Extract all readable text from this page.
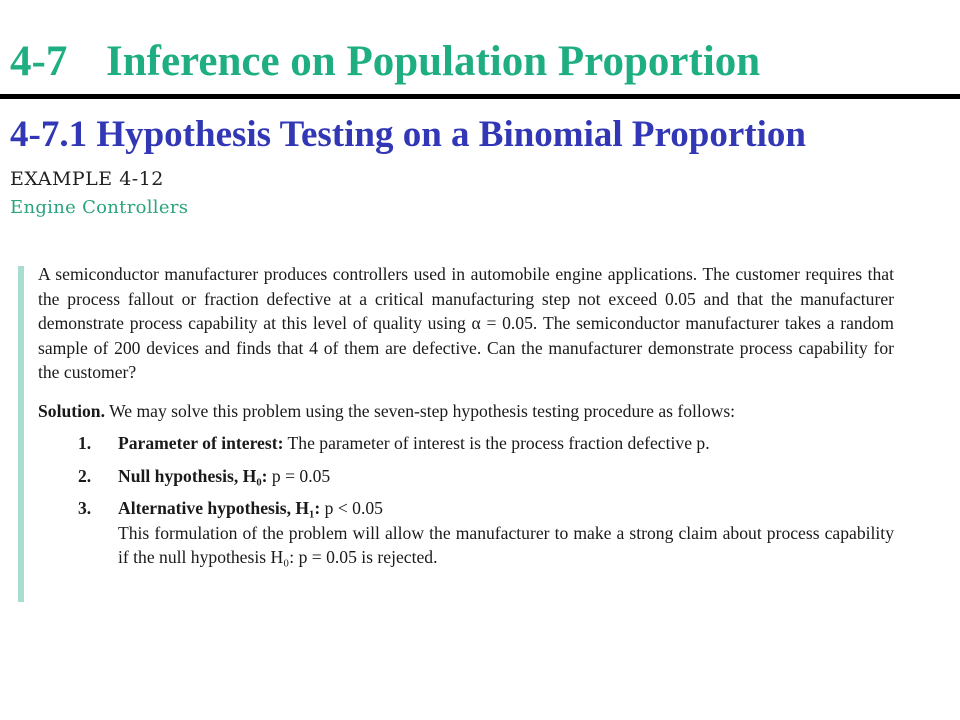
4-7 Inference on Population Proportion
4-7.1 Hypothesis Testing on a Binomial Proportion
EXAMPLE 4-12
Engine Controllers

A semiconductor manufacturer produces controllers used in automobile engine applications. The customer requires that the process fallout or fraction defective at a critical manufacturing step not exceed 0.05 and that the manufacturer demonstrate process capability at this level of quality using α = 0.05. The semiconductor manufacturer takes a random sample of 200 devices and finds that 4 of them are defective. Can the manufacturer demonstrate process capability for the customer?

Solution. We may solve this problem using the seven-step hypothesis testing procedure as follows:

1.	Parameter of interest: The parameter of interest is the process fraction defective p.
2.	Null hypothesis, H₀: p = 0.05
3.	Alternative hypothesis, H₁: p < 0.05
This formulation of the problem will allow the manufacturer to make a strong claim about process capability if the null hypothesis H₀: p = 0.05 is rejected.
